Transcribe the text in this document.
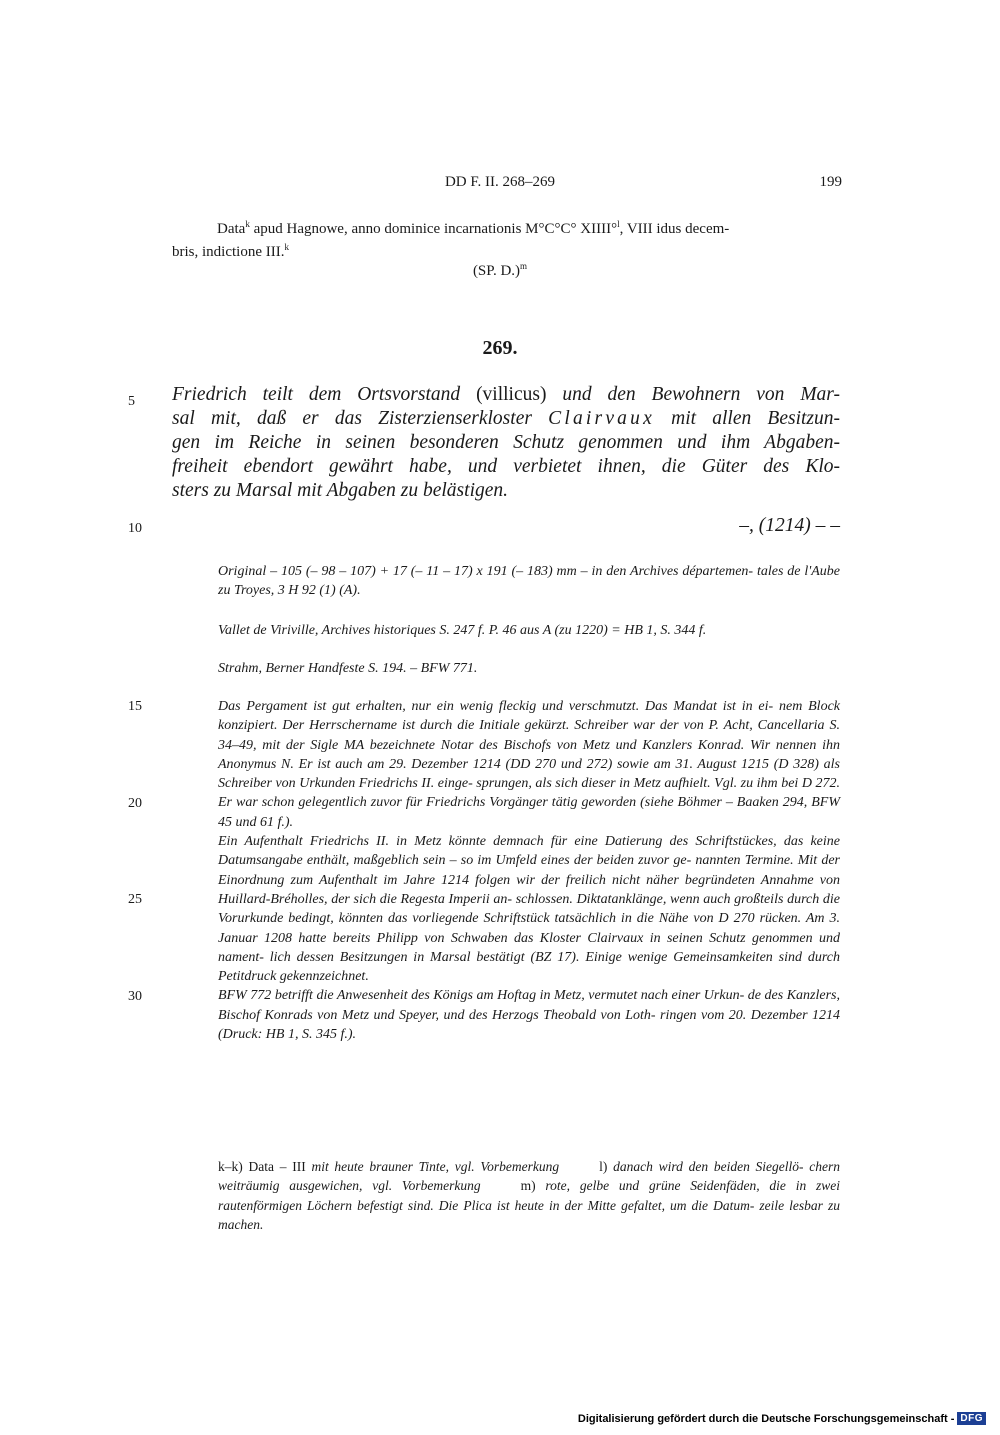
DD F. II. 268–269	199
Data$^k$ apud Hagnowe, anno dominice incarnationis M°C°C° XIIII°$^l$, VIII idus decem-
bris, indictione III.$^k$
(SP. D.)$^m$
269.
Friedrich teilt dem Ortsvorstand (villicus) und den Bewohnern von Mar-
sal mit, daß er das Zisterzienserkloster Clairvaux mit allen Besitzun-
gen im Reiche in seinen besonderen Schutz genommen und ihm Abgaben-
freiheit ebendort gewährt habe, und verbietet ihnen, die Güter des Klo-
sters zu Marsal mit Abgaben zu belästigen.
–, (1214) – –
5
10
15
20
25
30

Original – 105 (– 98 – 107) + 17 (– 11 – 17) x 191 (– 183) mm – in den Archives départemen- tales de l'Aube zu Troyes, 3 H 92 (1) (A).

Vallet de Viriville, Archives historiques S. 247 f. P. 46 aus A (zu 1220) = HB 1, S. 344 f.

Strahm, Berner Handfeste S. 194. – BFW 771.

Das Pergament ist gut erhalten, nur ein wenig fleckig und verschmutzt. Das Mandat ist in ei- nem Block konzipiert. Der Herrschername ist durch die Initiale gekürzt. Schreiber war der von P. Acht, Cancellaria S. 34–49, mit der Sigle MA bezeichnete Notar des Bischofs von Metz und Kanzlers Konrad. Wir nennen ihn Anonymus N. Er ist auch am 29. Dezember 1214 (DD 270 und 272) sowie am 31. August 1215 (D 328) als Schreiber von Urkunden Friedrichs II. einge- sprungen, als sich dieser in Metz aufhielt. Vgl. zu ihm bei D 272. Er war schon gelegentlich zuvor für Friedrichs Vorgänger tätig geworden (siehe Böhmer – Baaken 294, BFW 45 und 61 f.).

Ein Aufenthalt Friedrichs II. in Metz könnte demnach für eine Datierung des Schriftstückes, das keine Datumsangabe enthält, maßgeblich sein – so im Umfeld eines der beiden zuvor ge- nannten Termine. Mit der Einordnung zum Aufenthalt im Jahre 1214 folgen wir der freilich nicht näher begründeten Annahme von Huillard-Bréholles, der sich die Regesta Imperii an- schlossen. Diktatanklänge, wenn auch großteils durch die Vorurkunde bedingt, könnten das vorliegende Schriftstück tatsächlich in die Nähe von D 270 rücken. Am 3. Januar 1208 hatte bereits Philipp von Schwaben das Kloster Clairvaux in seinen Schutz genommen und nament- lich dessen Besitzungen in Marsal bestätigt (BZ 17). Einige wenige Gemeinsamkeiten sind durch Petitdruck gekennzeichnet.

BFW 772 betrifft die Anwesenheit des Königs am Hoftag in Metz, vermutet nach einer Urkun- de des Kanzlers, Bischof Konrads von Metz und Speyer, und des Herzogs Theobald von Loth- ringen vom 20. Dezember 1214 (Druck: HB 1, S. 345 f.).

k–k) Data – III mit heute brauner Tinte, vgl. Vorbemerkung	l) danach wird den beiden Siegellö- chern weiträumig ausgewichen, vgl. Vorbemerkung	m) rote, gelbe und grüne Seidenfäden, die in zwei rautenförmigen Löchern befestigt sind. Die Plica ist heute in der Mitte gefaltet, um die Datum- zeile lesbar zu machen.
Digitalisierung gefördert durch die Deutsche Forschungsgemeinschaft - DFG
